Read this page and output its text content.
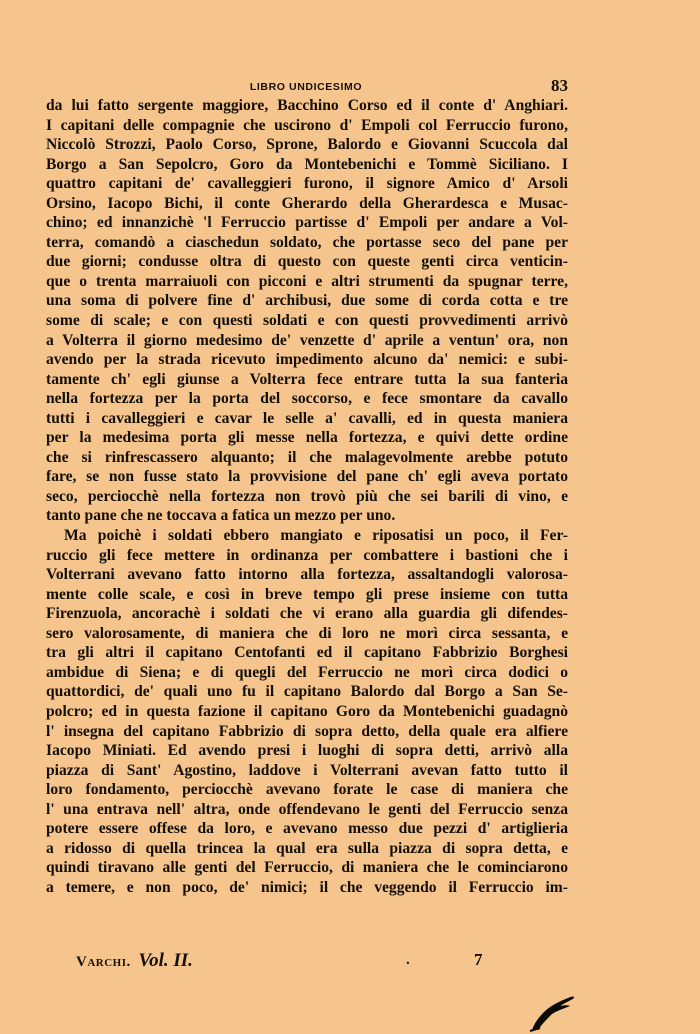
LIBRO UNDICESIMO	83
da lui fatto sergente maggiore, Bacchino Corso ed il conte d' Anghiari.
I capitani delle compagnie che uscirono d' Empoli col Ferruccio furono,
Niccolò Strozzi, Paolo Corso, Sprone, Balordo e Giovanni Scuccola dal
Borgo a San Sepolcro, Goro da Montebenichi e Tommè Siciliano. I
quattro capitani de' cavalleggieri furono, il signore Amico d' Arsoli
Orsino, Iacopo Bichi, il conte Gherardo della Gherardesca e Musac-
chino; ed innanzichè 'l Ferruccio partisse d' Empoli per andare a Vol-
terra, comandò a ciaschedun soldato, che portasse seco del pane per
due giorni; condusse oltra di questo con queste genti circa venticin-
que o trenta marraiuoli con picconi e altri strumenti da spugnar terre,
una soma di polvere fine d' archibusi, due some di corda cotta e tre
some di scale; e con questi soldati e con questi provvedimenti arrivò
a Volterra il giorno medesimo de' venzette d' aprile a ventun' ora, non
avendo per la strada ricevuto impedimento alcuno da' nemici: e subi-
tamente ch' egli giunse a Volterra fece entrare tutta la sua fanteria
nella fortezza per la porta del soccorso, e fece smontare da cavallo
tutti i cavalleggieri e cavar le selle a' cavalli, ed in questa maniera
per la medesima porta gli messe nella fortezza, e quivi dette ordine
che si rinfrescassero alquanto; il che malagevolmente arebbe potuto
fare, se non fusse stato la provvisione del pane ch' egli aveva portato
seco, perciocchè nella fortezza non trovò più che sei barili di vino, e
tanto pane che ne toccava a fatica un mezzo per uno.
Ma poichè i soldati ebbero mangiato e riposatisi un poco, il Fer-
ruccio gli fece mettere in ordinanza per combattere i bastioni che i
Volterrani avevano fatto intorno alla fortezza, assaltandogli valorosa-
mente colle scale, e così in breve tempo gli prese insieme con tutta
Firenzuola, ancorachè i soldati che vi erano alla guardia gli difendes-
sero valorosamente, di maniera che di loro ne morì circa sessanta, e
tra gli altri il capitano Centofanti ed il capitano Fabbrizio Borghesi
ambidue di Siena; e di quegli del Ferruccio ne morì circa dodici o
quattordici, de' quali uno fu il capitano Balordo dal Borgo a San Se-
polcro; ed in questa fazione il capitano Goro da Montebenichi guadagnò
l' insegna del capitano Fabbrizio di sopra detto, della quale era alfiere
Iacopo Miniati. Ed avendo presi i luoghi di sopra detti, arrivò alla
piazza di Sant' Agostino, laddove i Volterrani avevan fatto tutto il
loro fondamento, perciocchè avevano forate le case di maniera che
l' una entrava nell' altra, onde offendevano le genti del Ferruccio senza
potere essere offese da loro, e avevano messo due pezzi d' artiglieria
a ridosso di quella trincea la qual era sulla piazza di sopra detta, e
quindi tiravano alle genti del Ferruccio, di maniera che le cominciarono
a temere, e non poco, de' nimici; il che veggendo il Ferruccio im-
Varchi. Vol. II.	.	7
